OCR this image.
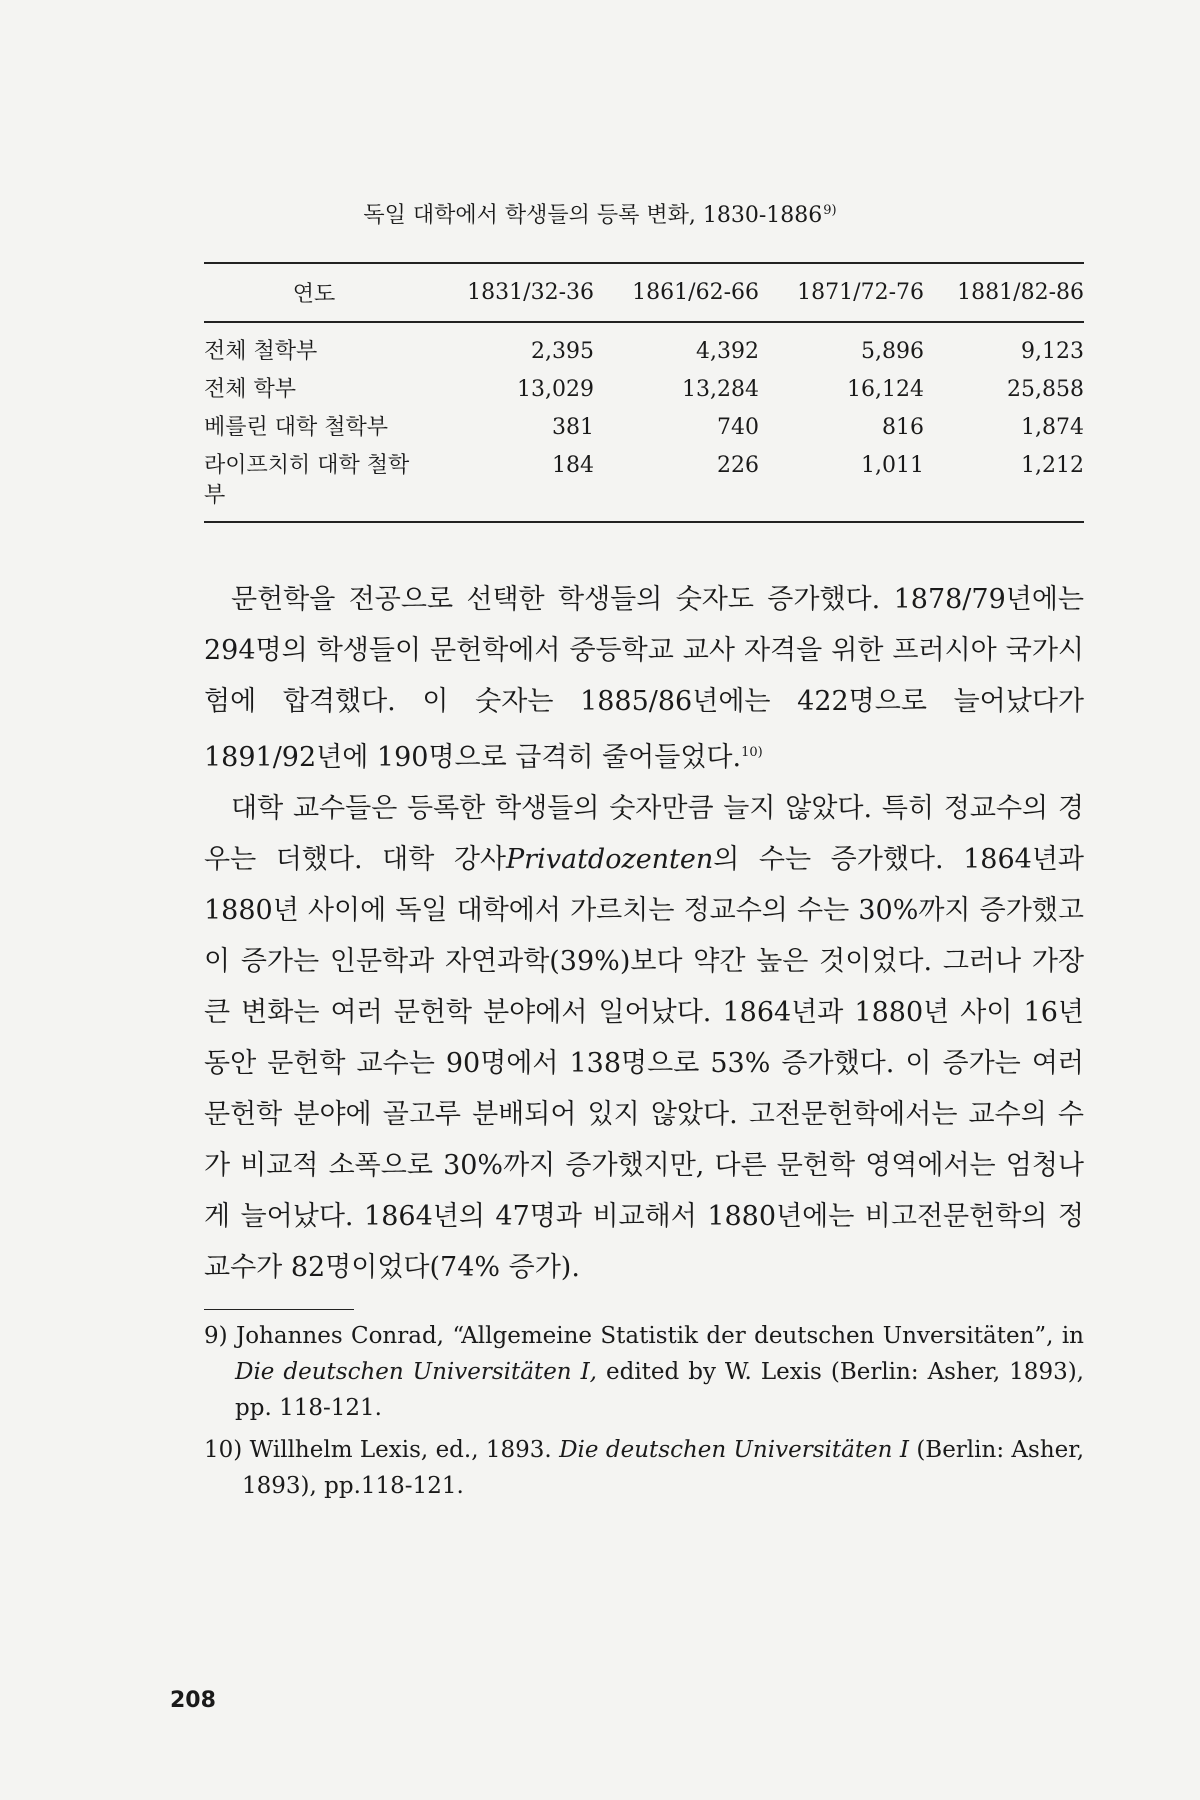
독일 대학에서 학생들의 등록 변화, 1830-1886$^{9)}$
연도	1831/32-36	1861/62-66	1871/72-76	1881/82-86
전체 철학부	2,395	4,392	5,896	9,123
전체 학부	13,029	13,284	16,124	25,858
베를린 대학 철학부	381	740	816	1,874
라이프치히 대학 철학부	184	226	1,011	1,212

문헌학을 전공으로 선택한 학생들의 숫자도 증가했다. 1878/79년에는 294명의 학생들이 문헌학에서 중등학교 교사 자격을 위한 프러시아 국가시험에 합격했다. 이 숫자는 1885/86년에는 422명으로 늘어났다가 1891/92년에 190명으로 급격히 줄어들었다.$^{10)}$

대학 교수들은 등록한 학생들의 숫자만큼 늘지 않았다. 특히 정교수의 경우는 더했다. 대학 강사Privatdozenten의 수는 증가했다. 1864년과 1880년 사이에 독일 대학에서 가르치는 정교수의 수는 30%까지 증가했고 이 증가는 인문학과 자연과학(39%)보다 약간 높은 것이었다. 그러나 가장 큰 변화는 여러 문헌학 분야에서 일어났다. 1864년과 1880년 사이 16년 동안 문헌학 교수는 90명에서 138명으로 53% 증가했다. 이 증가는 여러 문헌학 분야에 골고루 분배되어 있지 않았다. 고전문헌학에서는 교수의 수가 비교적 소폭으로 30%까지 증가했지만, 다른 문헌학 영역에서는 엄청나게 늘어났다. 1864년의 47명과 비교해서 1880년에는 비고전문헌학의 정교수가 82명이었다(74% 증가).

9) Johannes Conrad, “Allgemeine Statistik der deutschen Unversitäten”, in Die deutschen Universitäten I, edited by W. Lexis (Berlin: Asher, 1893), pp. 118-121.

10) Willhelm Lexis, ed., 1893. Die deutschen Universitäten I (Berlin: Asher, 1893), pp.118-121.

208
